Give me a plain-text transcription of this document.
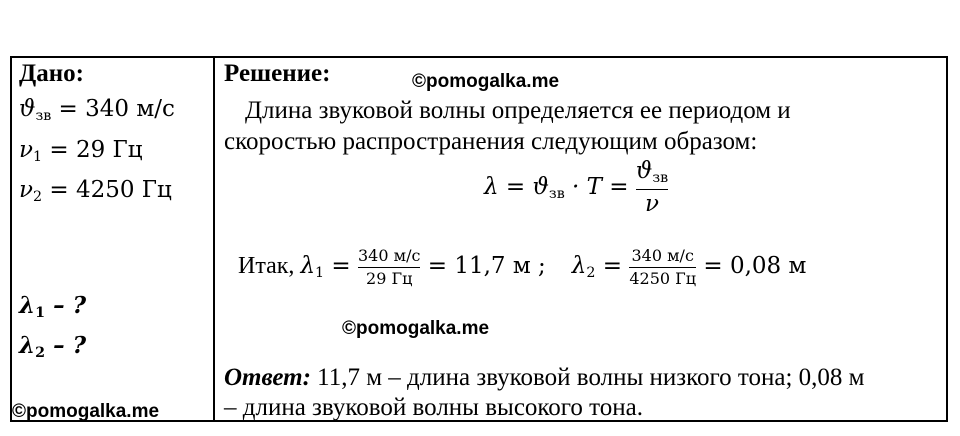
Дано:
$ϑ_{зв} = 340$ м/с
$\nu_1 = 29$ Гц
$\nu_2 = 4250$ Гц
$\lambda_1$ – ?
$\lambda_2$ – ?
©pomogalka.me
Решение:	©pomogalka.me
Длина звуковой волны определяется ее периодом и
скоростью распространения следующим образом:
$\lambda = ϑ_{зв} \cdot T = \frac{ϑ_{зв}}{\nu}$
Итак, $\lambda_1 = \frac{340 м/с}{29 Гц} = 11,7$ м ; $\lambda_2 = \frac{340 м/с}{4250 Гц} = 0,08$ м
©pomogalka.me
Ответ: 11,7 м – длина звуковой волны низкого тона; 0,08 м
– длина звуковой волны высокого тона.
